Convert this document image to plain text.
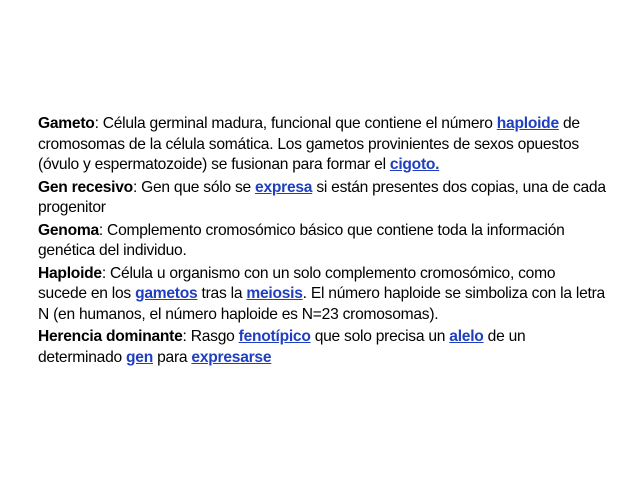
Gameto: Célula germinal madura, funcional que contiene el número haploide de cromosomas de la célula somática. Los gametos provinientes de sexos opuestos (óvulo y espermatozoide) se fusionan para formar el cigoto.

Gen recesivo: Gen que sólo se expresa si están presentes dos copias, una de cada progenitor

Genoma: Complemento cromosómico básico que contiene toda la información genética del individuo.

Haploide: Célula u organismo con un solo complemento cromosómico, como sucede en los gametos tras la meiosis. El número haploide se simboliza con la letra N (en humanos, el número haploide es N=23 cromosomas).

Herencia dominante: Rasgo fenotípico que solo precisa un alelo de un determinado gen para expresarse
